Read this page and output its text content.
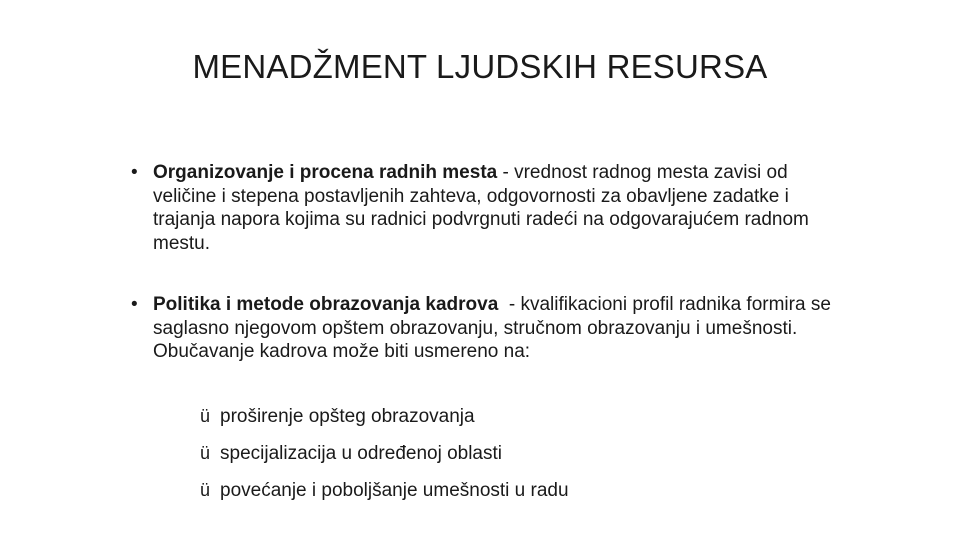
MENADŽMENT LJUDSKIH RESURSA
• Organizovanje i procena radnih mesta - vrednost radnog mesta zavisi od veličine i stepena postavljenih zahteva, odgovornosti za obavljene zadatke i trajanja napora kojima su radnici podvrgnuti radeći na odgovarajućem radnom mestu.
• Politika i metode obrazovanja kadrova  - kvalifikacioni profil radnika formira se saglasno njegovom opštem obrazovanju, stručnom obrazovanju i umešnosti. Obučavanje kadrova može biti usmereno na:
ü proširenje opšteg obrazovanja
ü specijalizacija u određenoj oblasti
ü povećanje i poboljšanje umešnosti u radu
